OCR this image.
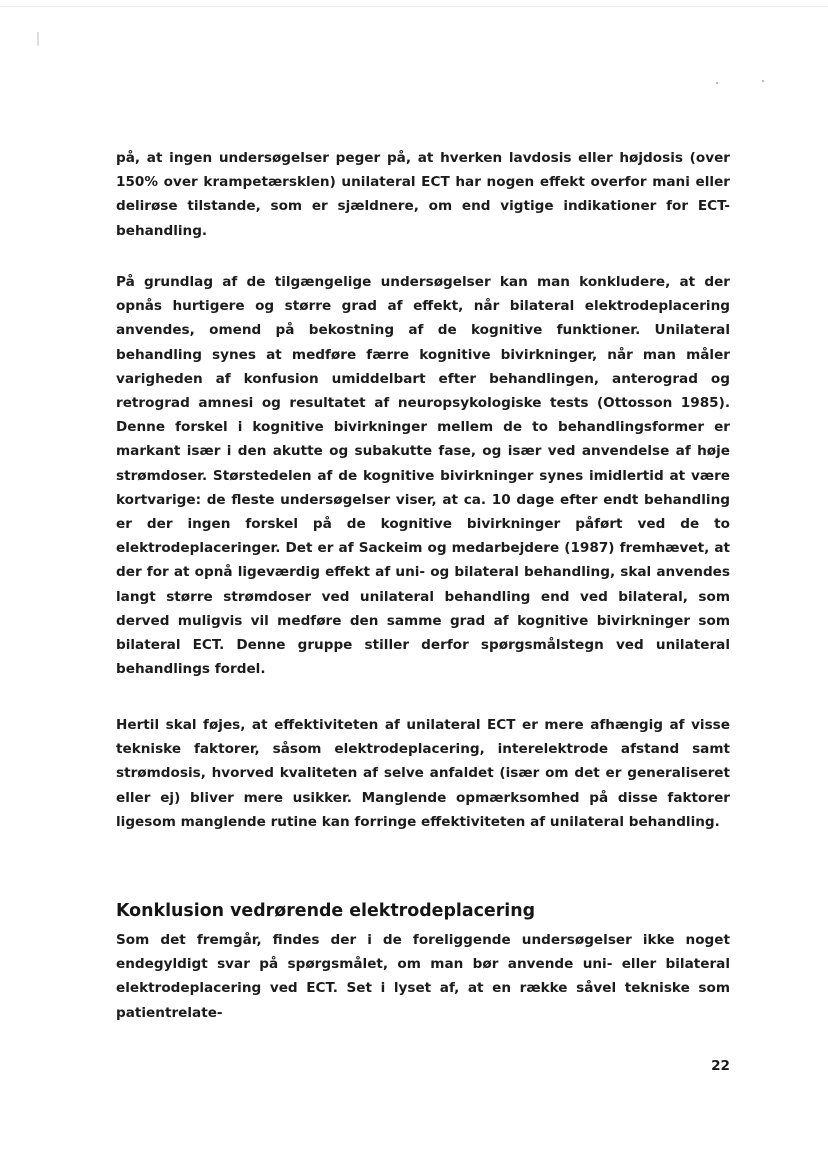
på, at ingen undersøgelser peger på, at hverken lavdosis eller højdosis (over 150% over krampetærsklen) unilateral ECT har nogen effekt overfor mani eller delirøse tilstande, som er sjældnere, om end vigtige indikationer for ECT-behandling.

På grundlag af de tilgængelige undersøgelser kan man konkludere, at der opnås hurtigere og større grad af effekt, når bilateral elektrodeplacering anvendes, omend på bekostning af de kognitive funktioner. Unilateral behandling synes at medføre færre kognitive bivirkninger, når man måler varigheden af konfusion umiddelbart efter behandlingen, anterograd og retrograd amnesi og resultatet af neuropsykologiske tests (Ottosson 1985). Denne forskel i kognitive bivirkninger mellem de to behandlingsformer er markant især i den akutte og subakutte fase, og især ved anvendelse af høje strømdoser. Størstedelen af de kognitive bivirkninger synes imidlertid at være kortvarige: de fleste undersøgelser viser, at ca. 10 dage efter endt behandling er der ingen forskel på de kognitive bivirkninger påført ved de to elektrodeplaceringer. Det er af Sackeim og medarbejdere (1987) fremhævet, at der for at opnå ligeværdig effekt af uni- og bilateral behandling, skal anvendes langt større strømdoser ved unilateral behandling end ved bilateral, som derved muligvis vil medføre den samme grad af kognitive bivirkninger som bilateral ECT. Denne gruppe stiller derfor spørgsmålstegn ved unilateral behandlings fordel.

Hertil skal føjes, at effektiviteten af unilateral ECT er mere afhængig af visse tekniske faktorer, såsom elektrodeplacering, interelektrode afstand samt strømdosis, hvorved kvaliteten af selve anfaldet (især om det er generaliseret eller ej) bliver mere usikker. Manglende opmærksomhed på disse faktorer ligesom manglende rutine kan forringe effektiviteten af unilateral behandling.

Konklusion vedrørende elektrodeplacering

Som det fremgår, findes der i de foreliggende undersøgelser ikke noget endegyldigt svar på spørgsmålet, om man bør anvende uni- eller bilateral elektrodeplacering ved ECT. Set i lyset af, at en række såvel tekniske som patientrelate-

22
